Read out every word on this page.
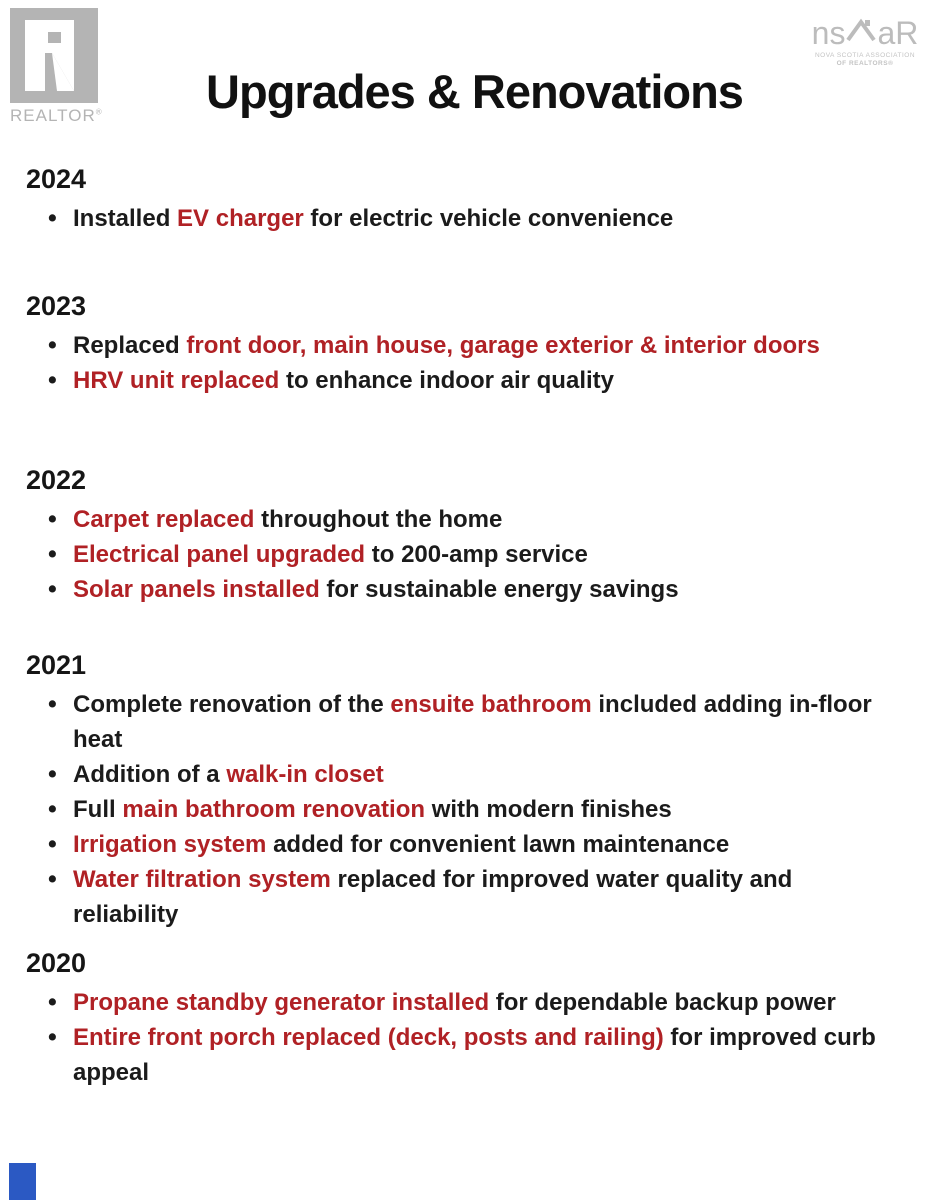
REALTOR®	Upgrades & Renovations
ns aR
NOVA SCOTIA ASSOCIATION
OF REALTORS®
2024
• Installed EV charger for electric vehicle convenience
2023
• Replaced front door, main house, garage exterior & interior doors
• HRV unit replaced to enhance indoor air quality
2022
• Carpet replaced throughout the home
• Electrical panel upgraded to 200-amp service
• Solar panels installed for sustainable energy savings
2021
• Complete renovation of the ensuite bathroom included adding in-floor heat
• Addition of a walk-in closet
• Full main bathroom renovation with modern finishes
• Irrigation system added for convenient lawn maintenance
• Water filtration system replaced for improved water quality and reliability
2020
• Propane standby generator installed for dependable backup power
• Entire front porch replaced (deck, posts and railing) for improved curb appeal
